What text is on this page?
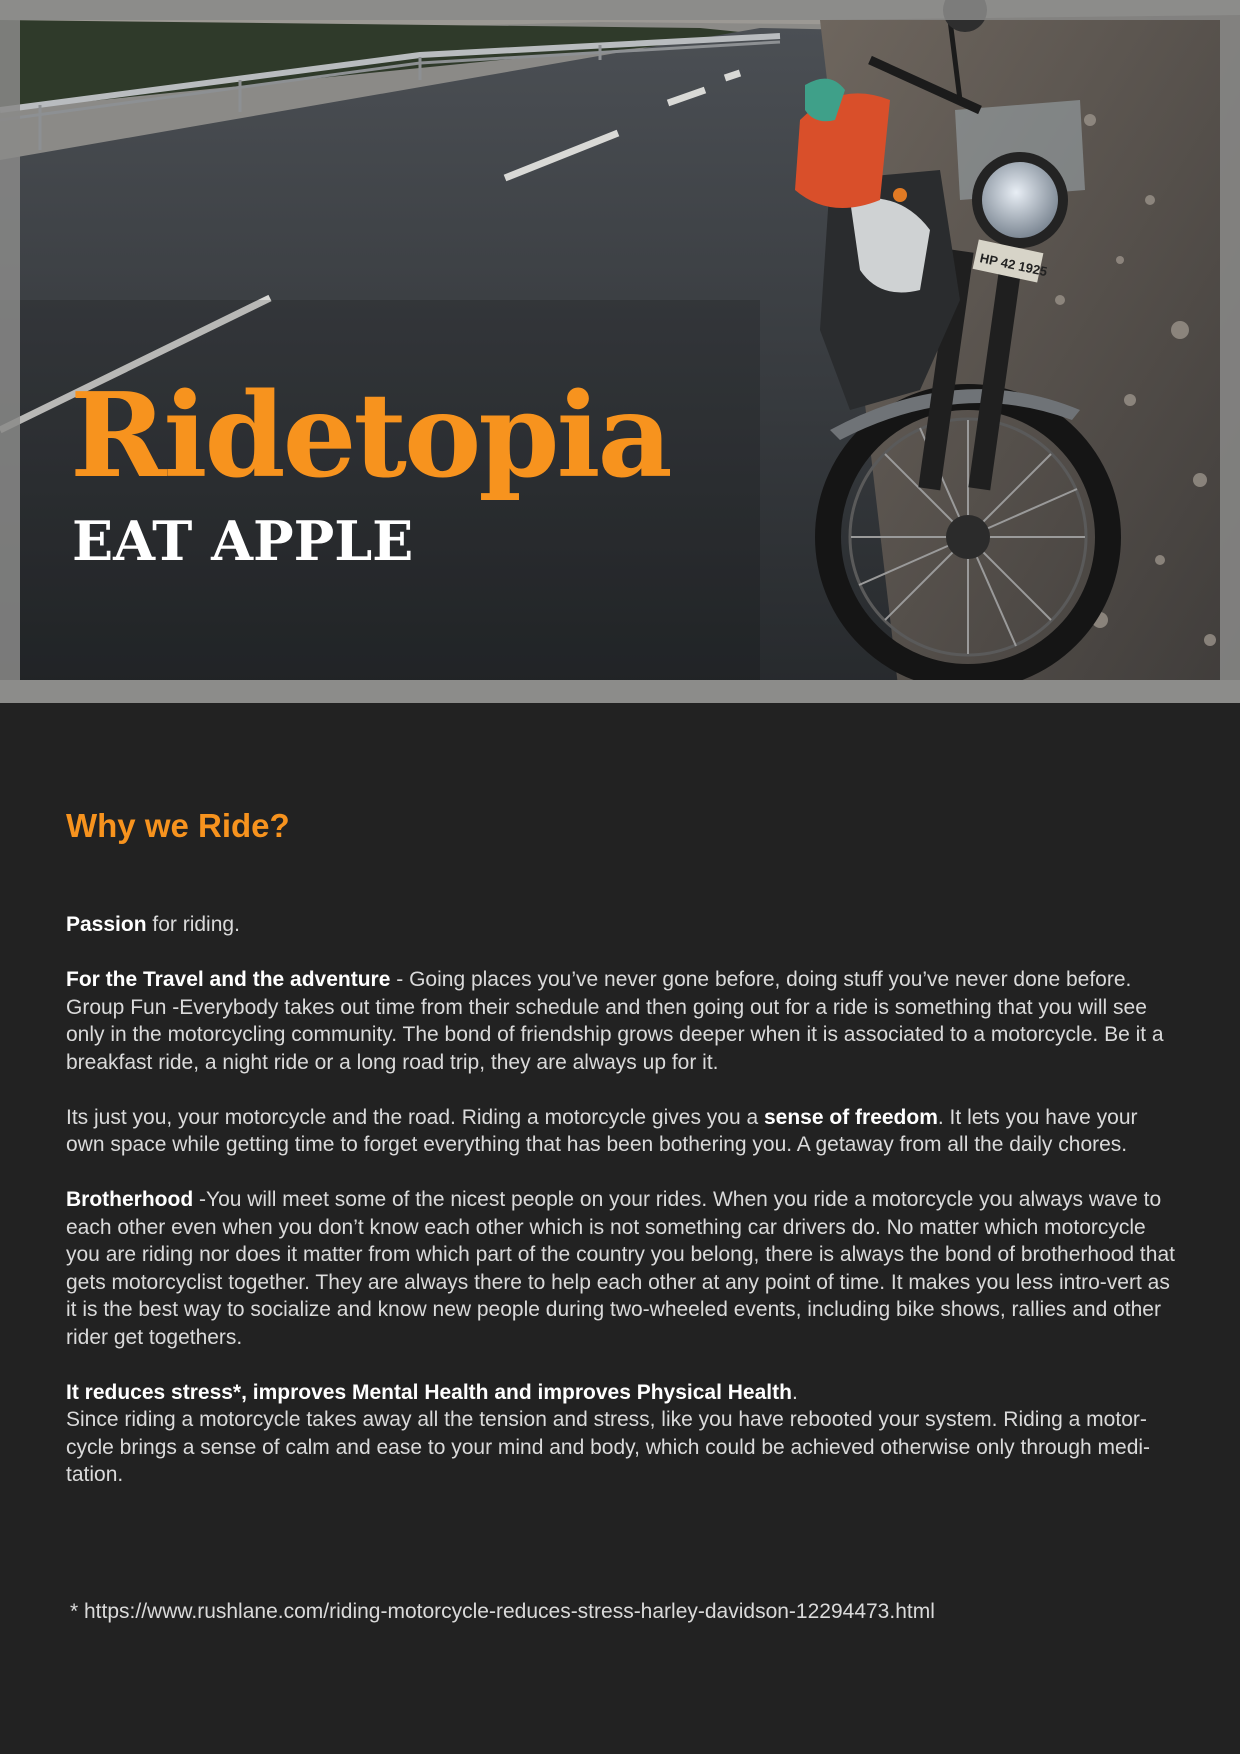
HP 42 1925
Ridetopia
EAT APPLE
Why we Ride?

Passion for riding.

For the Travel and the adventure - Going places you’ve never gone before, doing stuff you’ve never done before. Group Fun -Everybody takes out time from their schedule and then going out for a ride is something that you will see only in the motorcycling community. The bond of friendship grows deeper when it is associated to a motorcycle. Be it a breakfast ride, a night ride or a long road trip, they are always up for it.

Its just you, your motorcycle and the road. Riding a motorcycle gives you a sense of freedom. It lets you have your own space while getting time to forget everything that has been bothering you. A getaway from all the daily chores.

Brotherhood -You will meet some of the nicest people on your rides. When you ride a motorcycle you always wave to each other even when you don’t know each other which is not something car drivers do. No matter which motorcycle you are riding nor does it matter from which part of the country you belong, there is always the bond of brotherhood that gets motorcyclist together. They are always there to help each other at any point of time. It makes you less intro-vert as it is the best way to socialize and know new people during two-wheeled events, including bike shows, rallies and other rider get togethers.

It reduces stress*, improves Mental Health and improves Physical Health.
Since riding a motorcycle takes away all the tension and stress, like you have rebooted your system. Riding a motor-cycle brings a sense of calm and ease to your mind and body, which could be achieved otherwise only through medi-tation.

* https://www.rushlane.com/riding-motorcycle-reduces-stress-harley-davidson-12294473.html
